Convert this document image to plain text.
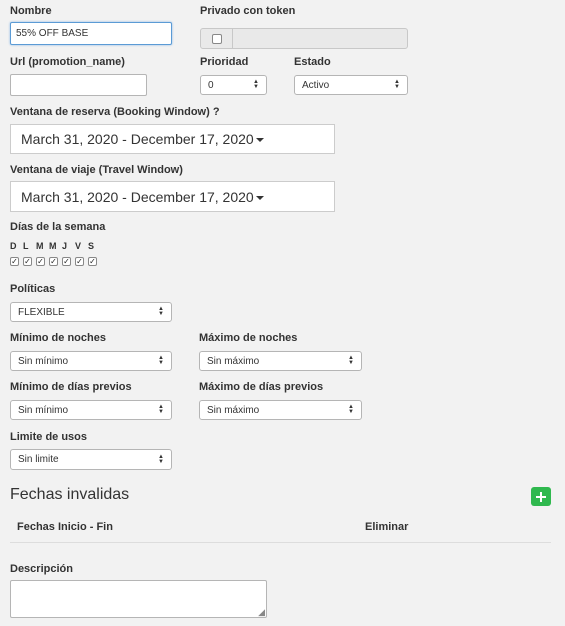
Nombre
55% OFF BASE
Privado con token
Url (promotion_name)	Prioridad
0	▲
▼
Estado
Activo	▲
▼
Ventana de reserva (Booking Window) ?
March 31, 2020 - December 17, 2020
Ventana de viaje (Travel Window)
March 31, 2020 - December 17, 2020
Días de la semana
D L M M J V S
✓ ✓ ✓ ✓ ✓ ✓ ✓
Políticas
FLEXIBLE	▲
▼
Mínimo de noches
Sin mínimo	▲
▼
Máximo de noches
Sin máximo	▲
▼
Mínimo de días previos
Sin mínimo	▲
▼
Máximo de días previos
Sin máximo	▲
▼
Limite de usos
Sin limite	▲
▼
Fechas invalidas
Fechas Inicio - Fin	Eliminar
Descripción
◢
